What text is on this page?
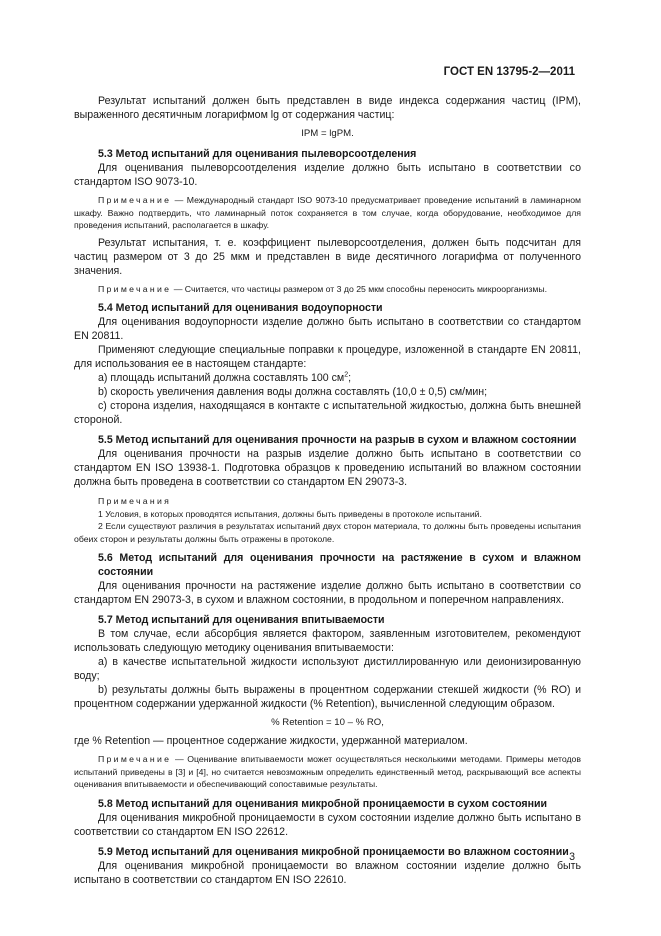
ГОСТ EN 13795-2—2011

Результат испытаний должен быть представлен в виде индекса содержания частиц (IPM), выраженного десятичным логарифмом lg от содержания частиц:

IPM = lgPM.

5.3 Метод испытаний для оценивания пылеворсоотделения

Для оценивания пылеворсоотделения изделие должно быть испытано в соответствии со стандартом ISO 9073-10.

Примечание — Международный стандарт ISO 9073-10 предусматривает проведение испытаний в ламинарном шкафу. Важно подтвердить, что ламинарный поток сохраняется в том случае, когда оборудование, необходимое для проведения испытаний, располагается в шкафу.

Результат испытания, т. е. коэффициент пылеворсоотделения, должен быть подсчитан для частиц размером от 3 до 25 мкм и представлен в виде десятичного логарифма от полученного значения.

Примечание — Считается, что частицы размером от 3 до 25 мкм способны переносить микроорганизмы.

5.4 Метод испытаний для оценивания водоупорности

Для оценивания водоупорности изделие должно быть испытано в соответствии со стандартом EN 20811.

Применяют следующие специальные поправки к процедуре, изложенной в стандарте EN 20811, для использования ее в настоящем стандарте:

a) площадь испытаний должна составлять 100 $см^2$;

b) скорость увеличения давления воды должна составлять (10,0 ± 0,5) см/мин;

c) сторона изделия, находящаяся в контакте с испытательной жидкостью, должна быть внешней стороной.

5.5 Метод испытаний для оценивания прочности на разрыв в сухом и влажном состоянии

Для оценивания прочности на разрыв изделие должно быть испытано в соответствии со стандартом EN ISO 13938-1. Подготовка образцов к проведению испытаний во влажном состоянии должна быть проведена в соответствии со стандартом EN 29073-3.

Примечания

1 Условия, в которых проводятся испытания, должны быть приведены в протоколе испытаний.

2 Если существуют различия в результатах испытаний двух сторон материала, то должны быть проведены испытания обеих сторон и результаты должны быть отражены в протоколе.

5.6 Метод испытаний для оценивания прочности на растяжение в сухом и влажном состоянии

Для оценивания прочности на растяжение изделие должно быть испытано в соответствии со стандартом EN 29073-3, в сухом и влажном состоянии, в продольном и поперечном направлениях.

5.7 Метод испытаний для оценивания впитываемости

В том случае, если абсорбция является фактором, заявленным изготовителем, рекомендуют использовать следующую методику оценивания впитываемости:

a) в качестве испытательной жидкости используют дистиллированную или деионизированную воду;

b) результаты должны быть выражены в процентном содержании стекшей жидкости (% RO) и процентном содержании удержанной жидкости (% Retention), вычисленной следующим образом.

% Retention = 10 – % RO,

где % Retention — процентное содержание жидкости, удержанной материалом.

Примечание — Оценивание впитываемости может осуществляться несколькими методами. Примеры методов испытаний приведены в [3] и [4], но считается невозможным определить единственный метод, раскрывающий все аспекты оценивания впитываемости и обеспечивающий сопоставимые результаты.

5.8 Метод испытаний для оценивания микробной проницаемости в сухом состоянии

Для оценивания микробной проницаемости в сухом состоянии изделие должно быть испытано в соответствии со стандартом EN ISO 22612.

5.9 Метод испытаний для оценивания микробной проницаемости во влажном состоянии

Для оценивания микробной проницаемости во влажном состоянии изделие должно быть испытано в соответствии со стандартом EN ISO 22610.

3
